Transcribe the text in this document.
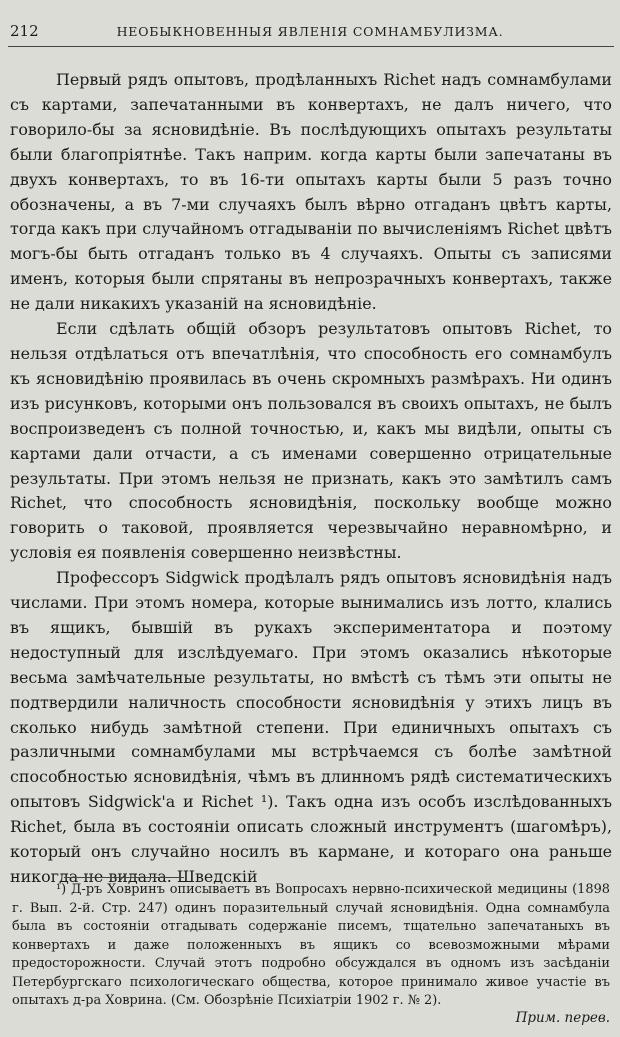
212	НЕОБЫКНОВЕННЫЯ ЯВЛЕНІЯ СОМНАМБУЛИЗМА.

Первый рядъ опытовъ, продѣланныхъ Richet надъ сомнамбулами съ картами, запечатанными въ конвертахъ, не далъ ничего, что говорило-бы за ясновидѣніе. Въ послѣдующихъ опытахъ результаты были благопріятнѣе. Такъ наприм. когда карты были запечатаны въ двухъ конвертахъ, то въ 16-ти опытахъ карты были 5 разъ точно обозначены, а въ 7-ми случаяхъ былъ вѣрно отгаданъ цвѣтъ карты, тогда какъ при случайномъ отгадываніи по вычисленіямъ Richet цвѣтъ могъ-бы быть отгаданъ только въ 4 случаяхъ. Опыты съ записями именъ, которыя были спрятаны въ непрозрачныхъ конвертахъ, также не дали никакихъ указаній на ясновидѣніе.

Если сдѣлать общій обзоръ результатовъ опытовъ Richet, то нельзя отдѣлаться отъ впечатлѣнія, что способность его сомнамбулъ къ ясновидѣнію проявилась въ очень скромныхъ размѣрахъ. Ни одинъ изъ рисунковъ, которыми онъ пользовался въ своихъ опытахъ, не былъ воспроизведенъ съ полной точностью, и, какъ мы видѣли, опыты съ картами дали отчасти, а съ именами совершенно отрицательные результаты. При этомъ нельзя не признать, какъ это замѣтилъ самъ Richet, что способность ясновидѣнія, поскольку вообще можно говорить о таковой, проявляется черезвычайно неравномѣрно, и условія ея появленія совершенно неизвѣстны.

Профессоръ Sidgwick продѣлалъ рядъ опытовъ ясновидѣнія надъ числами. При этомъ номера, которые вынимались изъ лотто, клались въ ящикъ, бывшій въ рукахъ экспериментатора и поэтому недоступный для изслѣдуемаго. При этомъ оказались нѣкоторые весьма замѣчательные результаты, но вмѣстѣ съ тѣмъ эти опыты не подтвердили наличность способности ясновидѣнія у этихъ лицъ въ сколько нибудь замѣтной степени. При единичныхъ опытахъ съ различными сомнамбулами мы встрѣчаемся съ болѣе замѣтной способностью ясновидѣнія, чѣмъ въ длинномъ рядѣ систематическихъ опытовъ Sidgwick'а и Richet ¹). Такъ одна изъ особъ изслѣдованныхъ Richet, была въ состояніи описать сложный инструментъ (шагомѣръ), который онъ случайно носилъ въ кармане, и котораго она раньше никогда не видала. Шведскій

¹) Д-ръ Ховринъ описываетъ въ Вопросахъ нервно-психической медицины (1898 г. Вып. 2-й. Стр. 247) одинъ поразительный случай ясновидѣнія. Одна сомнамбула была въ состояніи отгадывать содержаніе писемъ, тщательно запечатаныхъ въ конвертахъ и даже положенныхъ въ ящикъ со всевозможными мѣрами предосторожности. Случай этотъ подробно обсуждался въ одномъ изъ засѣданіи Петербургскаго психологическаго общества, которое принимало живое участіе въ опытахъ д-ра Ховрина. (См. Обозрѣніе Психіатріи 1902 г. № 2).

Прим. перев.
